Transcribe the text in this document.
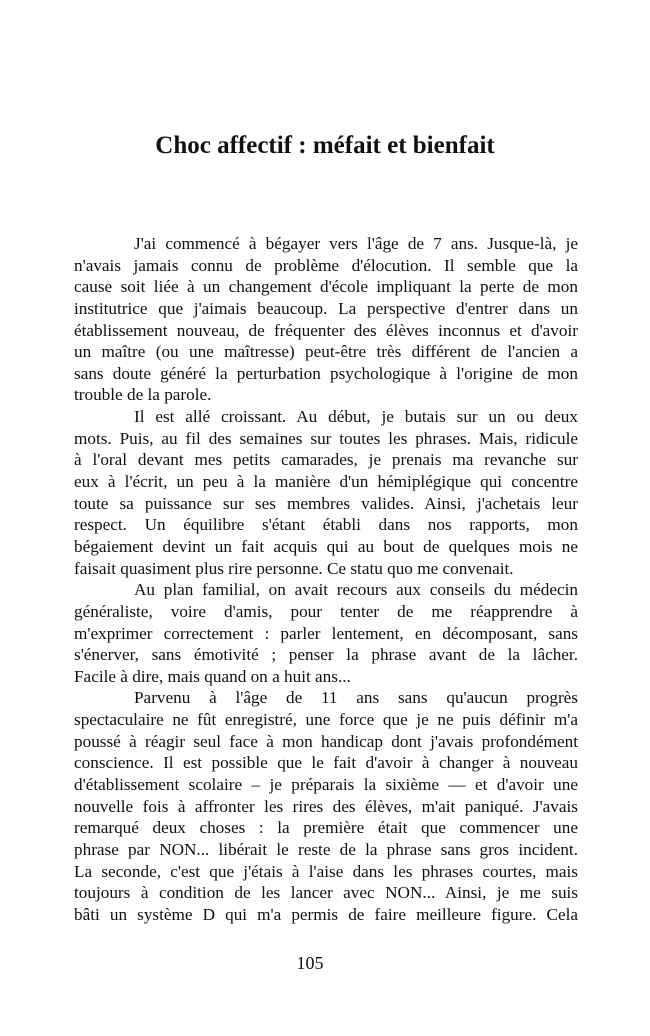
Choc affectif : méfait et bienfait
J'ai commencé à bégayer vers l'âge de 7 ans. Jusque-là, je
n'avais jamais connu de problème d'élocution. Il semble que la
cause soit liée à un changement d'école impliquant la perte de mon
institutrice que j'aimais beaucoup. La perspective d'entrer dans un
établissement nouveau, de fréquenter des élèves inconnus et d'avoir
un maître (ou une maîtresse) peut-être très différent de l'ancien a
sans doute généré la perturbation psychologique à l'origine de mon
trouble de la parole.
Il est allé croissant. Au début, je butais sur un ou deux
mots. Puis, au fil des semaines sur toutes les phrases. Mais, ridicule
à l'oral devant mes petits camarades, je prenais ma revanche sur
eux à l'écrit, un peu à la manière d'un hémiplégique qui concentre
toute sa puissance sur ses membres valides. Ainsi, j'achetais leur
respect. Un équilibre s'étant établi dans nos rapports, mon
bégaiement devint un fait acquis qui au bout de quelques mois ne
faisait quasiment plus rire personne. Ce statu quo me convenait.
Au plan familial, on avait recours aux conseils du médecin
généraliste, voire d'amis, pour tenter de me réapprendre à
m'exprimer correctement : parler lentement, en décomposant, sans
s'énerver, sans émotivité ; penser la phrase avant de la lâcher.
Facile à dire, mais quand on a huit ans...
Parvenu à l'âge de 11 ans sans qu'aucun progrès
spectaculaire ne fût enregistré, une force que je ne puis définir m'a
poussé à réagir seul face à mon handicap dont j'avais profondément
conscience. Il est possible que le fait d'avoir à changer à nouveau
d'établissement scolaire – je préparais la sixième — et d'avoir une
nouvelle fois à affronter les rires des élèves, m'ait paniqué. J'avais
remarqué deux choses : la première était que commencer une
phrase par NON... libérait le reste de la phrase sans gros incident.
La seconde, c'est que j'étais à l'aise dans les phrases courtes, mais
toujours à condition de les lancer avec NON... Ainsi, je me suis
bâti un système D qui m'a permis de faire meilleure figure. Cela
105
